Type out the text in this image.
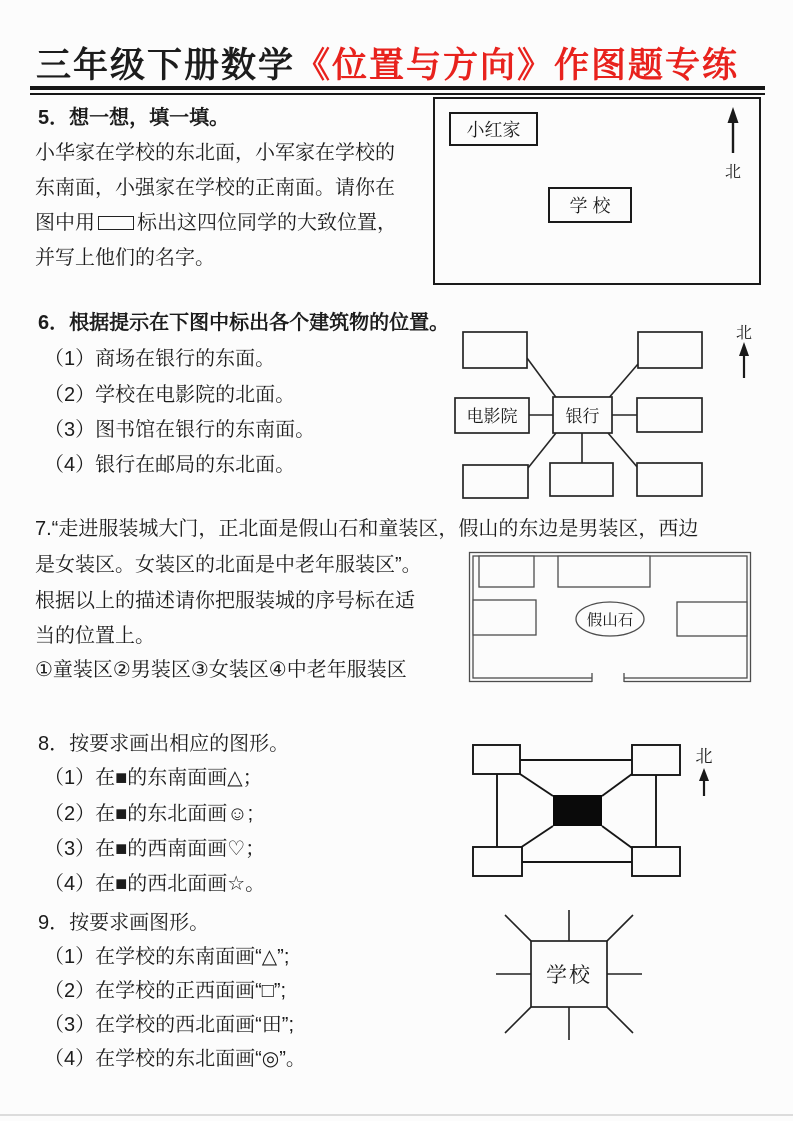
三年级下册数学《位置与方向》作图题专练
5．想一想，填一填。
小华家在学校的东北面，小军家在学校的
东南面，小强家在学校的正南面。请你在
图中用 标出这四位同学的大致位置，
并写上他们的名字。
小红家
学 校
北
6．根据提示在下图中标出各个建筑物的位置。
（1）商场在银行的东面。
（2）学校在电影院的北面。
（3）图书馆在银行的东南面。
（4）银行在邮局的东北面。
电影院	银行
北
7.“走进服装城大门，正北面是假山石和童装区，假山的东边是男装区，西边
是女装区。女装区的北面是中老年服装区”。
根据以上的描述请你把服装城的序号标在适
当的位置上。
①童装区②男装区③女装区④中老年服装区
假山石
8．按要求画出相应的图形。
（1）在■的东南面画△；
（2）在■的东北面画☺;
（3）在■的西南面画♡；
（4）在■的西北面画☆。
北
9．按要求画图形。
（1）在学校的东南面画“△”;
（2）在学校的正西面画“□”;
（3）在学校的西北面画“田”;
（4）在学校的东北面画“◎”。
学校
